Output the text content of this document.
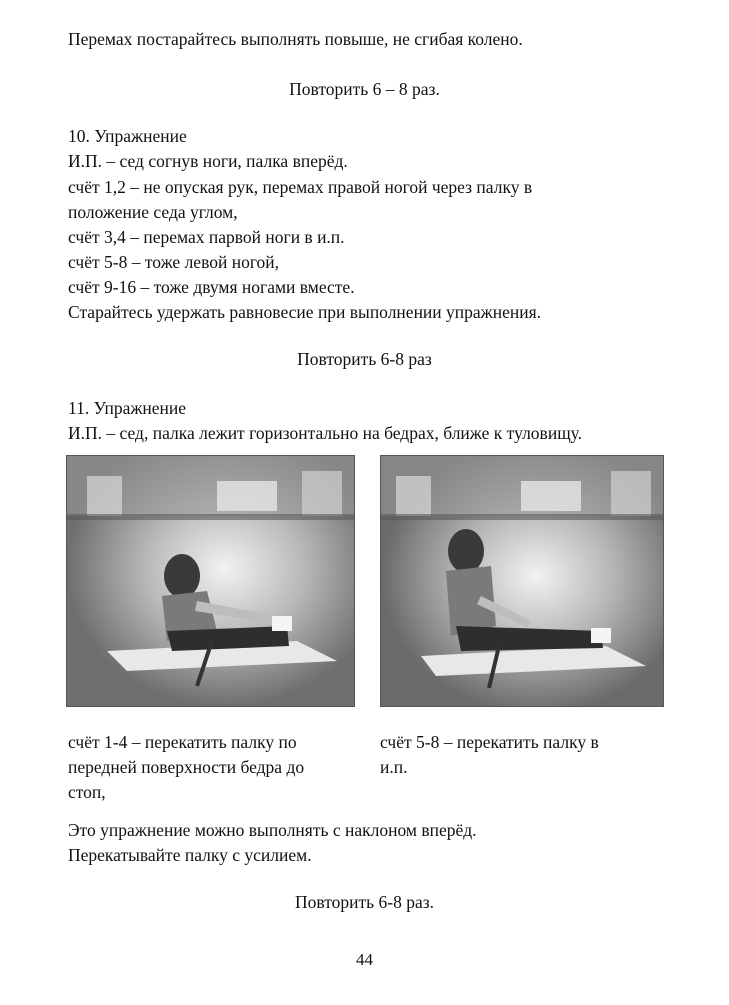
Перемах постарайтесь выполнять повыше, не сгибая колено.
Повторить 6 – 8 раз.
10. Упражнение
И.П. – сед согнув ноги, палка вперёд.
счёт 1,2 – не опуская рук, перемах правой ногой через палку в
положение седа углом,
счёт 3,4 – перемах парвой ноги в и.п.
счёт 5-8 – тоже левой ногой,
счёт 9-16 – тоже двумя ногами вместе.
Старайтесь удержать равновесие при выполнении упражнения.
Повторить 6-8 раз
11. Упражнение
И.П. – сед, палка лежит горизонтально на бедрах, ближе к туловищу.
счёт 1-4 – перекатить палку по
передней поверхности бедра до
стоп,
счёт 5-8 – перекатить палку в
и.п.
Это упражнение можно выполнять с наклоном вперёд.
Перекатывайте палку с усилием.
Повторить 6-8 раз.
44
